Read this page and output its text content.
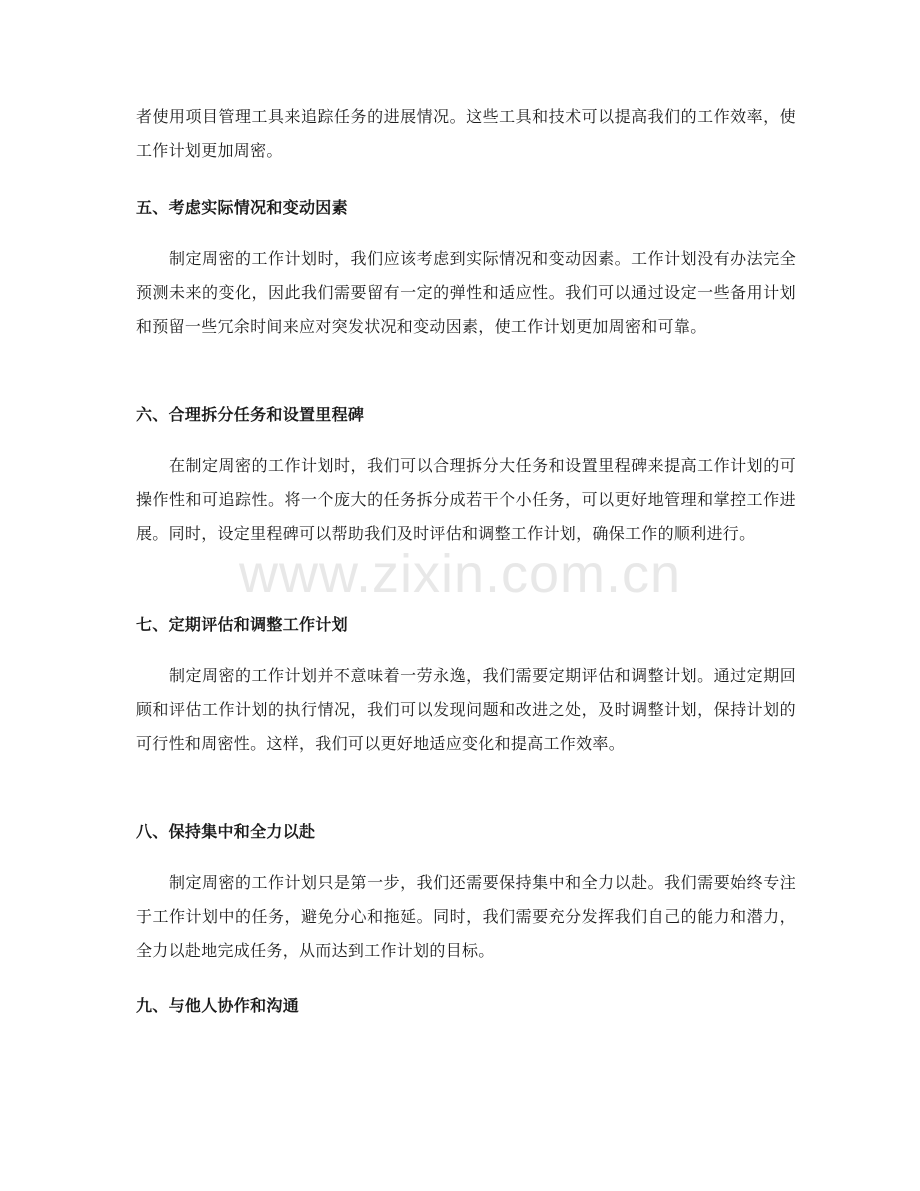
者使用项目管理工具来追踪任务的进展情况。这些工具和技术可以提高我们的工作效率，使工作计划更加周密。

五、考虑实际情况和变动因素

制定周密的工作计划时，我们应该考虑到实际情况和变动因素。工作计划没有办法完全预测未来的变化，因此我们需要留有一定的弹性和适应性。我们可以通过设定一些备用计划和预留一些冗余时间来应对突发状况和变动因素，使工作计划更加周密和可靠。

六、合理拆分任务和设置里程碑

在制定周密的工作计划时，我们可以合理拆分大任务和设置里程碑来提高工作计划的可操作性和可追踪性。将一个庞大的任务拆分成若干个小任务，可以更好地管理和掌控工作进展。同时，设定里程碑可以帮助我们及时评估和调整工作计划，确保工作的顺利进行。

七、定期评估和调整工作计划

制定周密的工作计划并不意味着一劳永逸，我们需要定期评估和调整计划。通过定期回顾和评估工作计划的执行情况，我们可以发现问题和改进之处，及时调整计划，保持计划的可行性和周密性。这样，我们可以更好地适应变化和提高工作效率。

八、保持集中和全力以赴

制定周密的工作计划只是第一步，我们还需要保持集中和全力以赴。我们需要始终专注于工作计划中的任务，避免分心和拖延。同时，我们需要充分发挥我们自己的能力和潜力，全力以赴地完成任务，从而达到工作计划的目标。

九、与他人协作和沟通
www.zixin.com.cn
